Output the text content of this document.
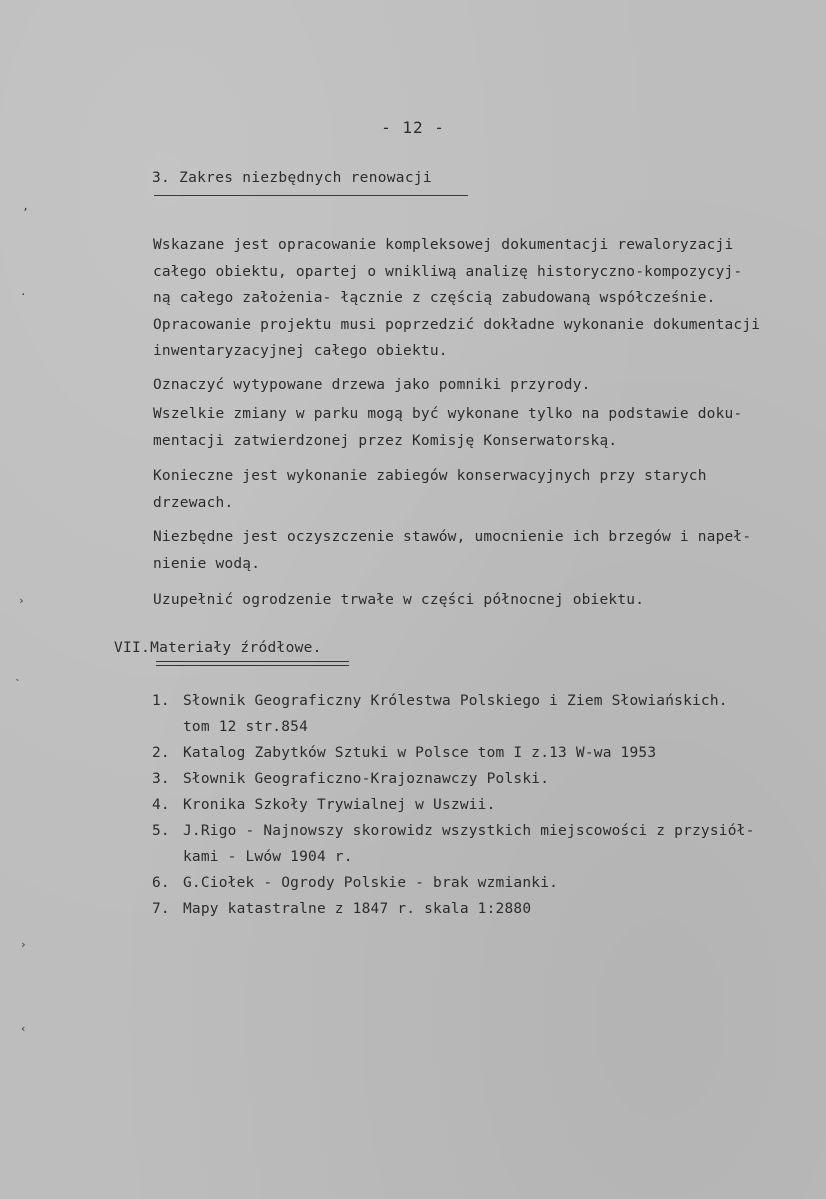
- 12 -
3. Zakres niezbędnych renowacji
Wskazane jest opracowanie kompleksowej dokumentacji rewaloryzacji
całego obiektu, opartej o wnikliwą analizę historyczno-kompozycyj-
ną całego założenia- łącznie z częścią zabudowaną współcześnie.
Opracowanie projektu musi poprzedzić dokładne wykonanie dokumentacji
inwentaryzacyjnej całego obiektu.
Oznaczyć wytypowane drzewa jako pomniki przyrody.
Wszelkie zmiany w parku mogą być wykonane tylko na podstawie doku-
mentacji zatwierdzonej przez Komisję Konserwatorską.
Konieczne jest wykonanie zabiegów konserwacyjnych przy starych
drzewach.
Niezbędne jest oczyszczenie stawów, umocnienie ich brzegów i napeł-
nienie wodą.
Uzupełnić ogrodzenie trwałe w części północnej obiektu.
VII.Materiały źródłowe.
1. Słownik Geograficzny Królestwa Polskiego i Ziem Słowiańskich.
tom 12 str.854
2. Katalog Zabytków Sztuki w Polsce tom I z.13 W-wa 1953
3. Słownik Geograficzno-Krajoznawczy Polski.
4. Kronika Szkoły Trywialnej w Uszwii.
5. J.Rigo - Najnowszy skorowidz wszystkich miejscowości z przysiół-
kami - Lwów 1904 r.
6. G.Ciołek - Ogrody Polskie - brak wzmianki.
7. Mapy katastralne z 1847 r. skala 1:2880
ʼ
·
›
ˎ
›
‹
